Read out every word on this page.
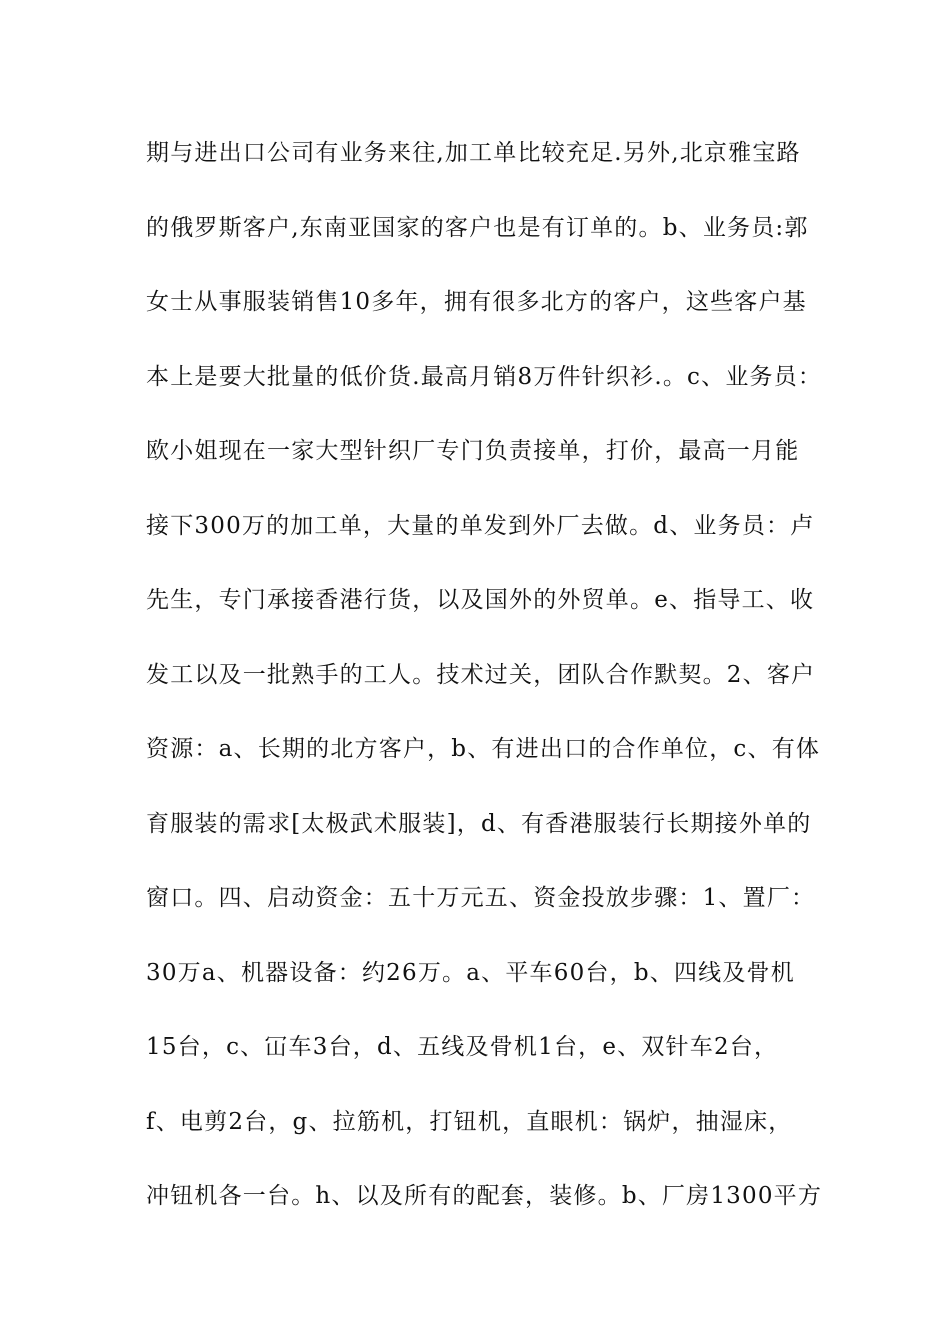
期与进出口公司有业务来往,加工单比较充足.另外,北京雅宝路
的俄罗斯客户,东南亚国家的客户也是有订单的。b、业务员:郭
女士从事服装销售10多年，拥有很多北方的客户，这些客户基
本上是要大批量的低价货.最高月销8万件针织衫.。c、业务员：
欧小姐现在一家大型针织厂专门负责接单，打价，最高一月能
接下300万的加工单，大量的单发到外厂去做。d、业务员：卢
先生，专门承接香港行货，以及国外的外贸单。e、指导工、收
发工以及一批熟手的工人。技术过关，团队合作默契。2、客户
资源：a、长期的北方客户，b、有进出口的合作单位，c、有体
育服装的需求[太极武术服装]，d、有香港服装行长期接外单的
窗口。四、启动资金：五十万元五、资金投放步骤：1、置厂：
30万a、机器设备：约26万。a、平车60台，b、四线及骨机
15台，c、冚车3台，d、五线及骨机1台，e、双针车2台，
f、电剪2台，g、拉筋机，打钮机，直眼机：锅炉，抽湿床，
冲钮机各一台。h、以及所有的配套，装修。b、厂房1300平方
